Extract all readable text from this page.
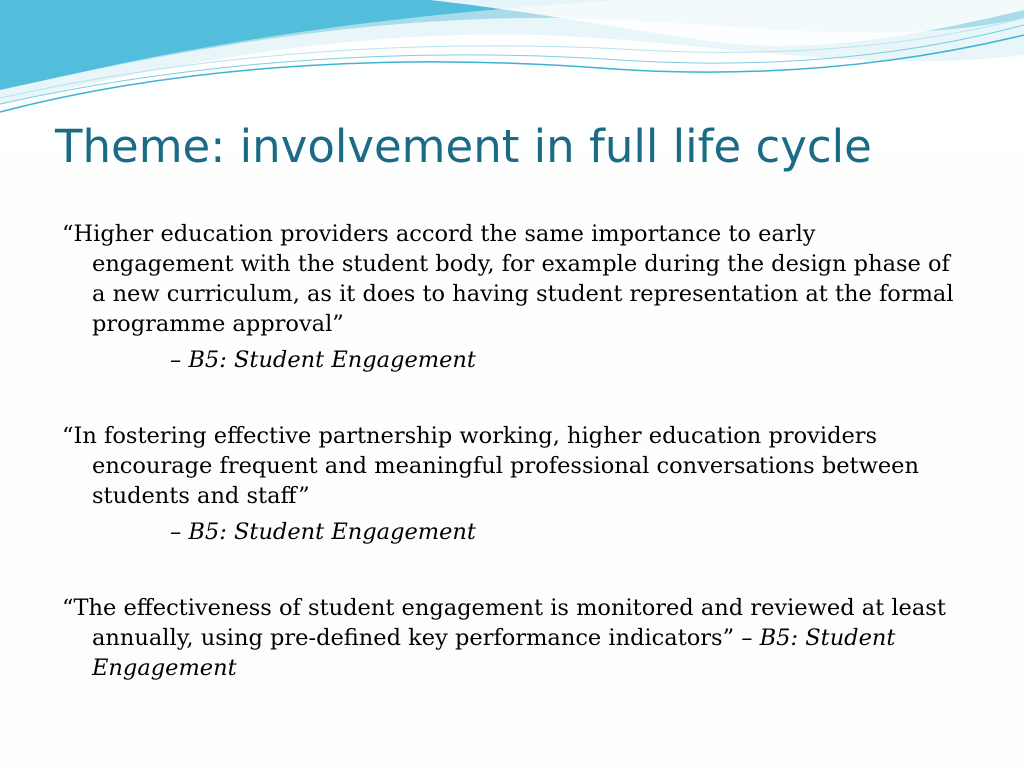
Theme: involvement in full life cycle

“Higher education providers accord the same importance to early engagement with the student body, for example during the design phase of a new curriculum, as it does to having student representation at the formal programme approval”

– B5: Student Engagement

“In fostering effective partnership working, higher education providers encourage frequent and meaningful professional conversations between students and staff”

– B5: Student Engagement

“The effectiveness of student engagement is monitored and reviewed at least annually, using pre-defined key performance indicators” – B5: Student Engagement
